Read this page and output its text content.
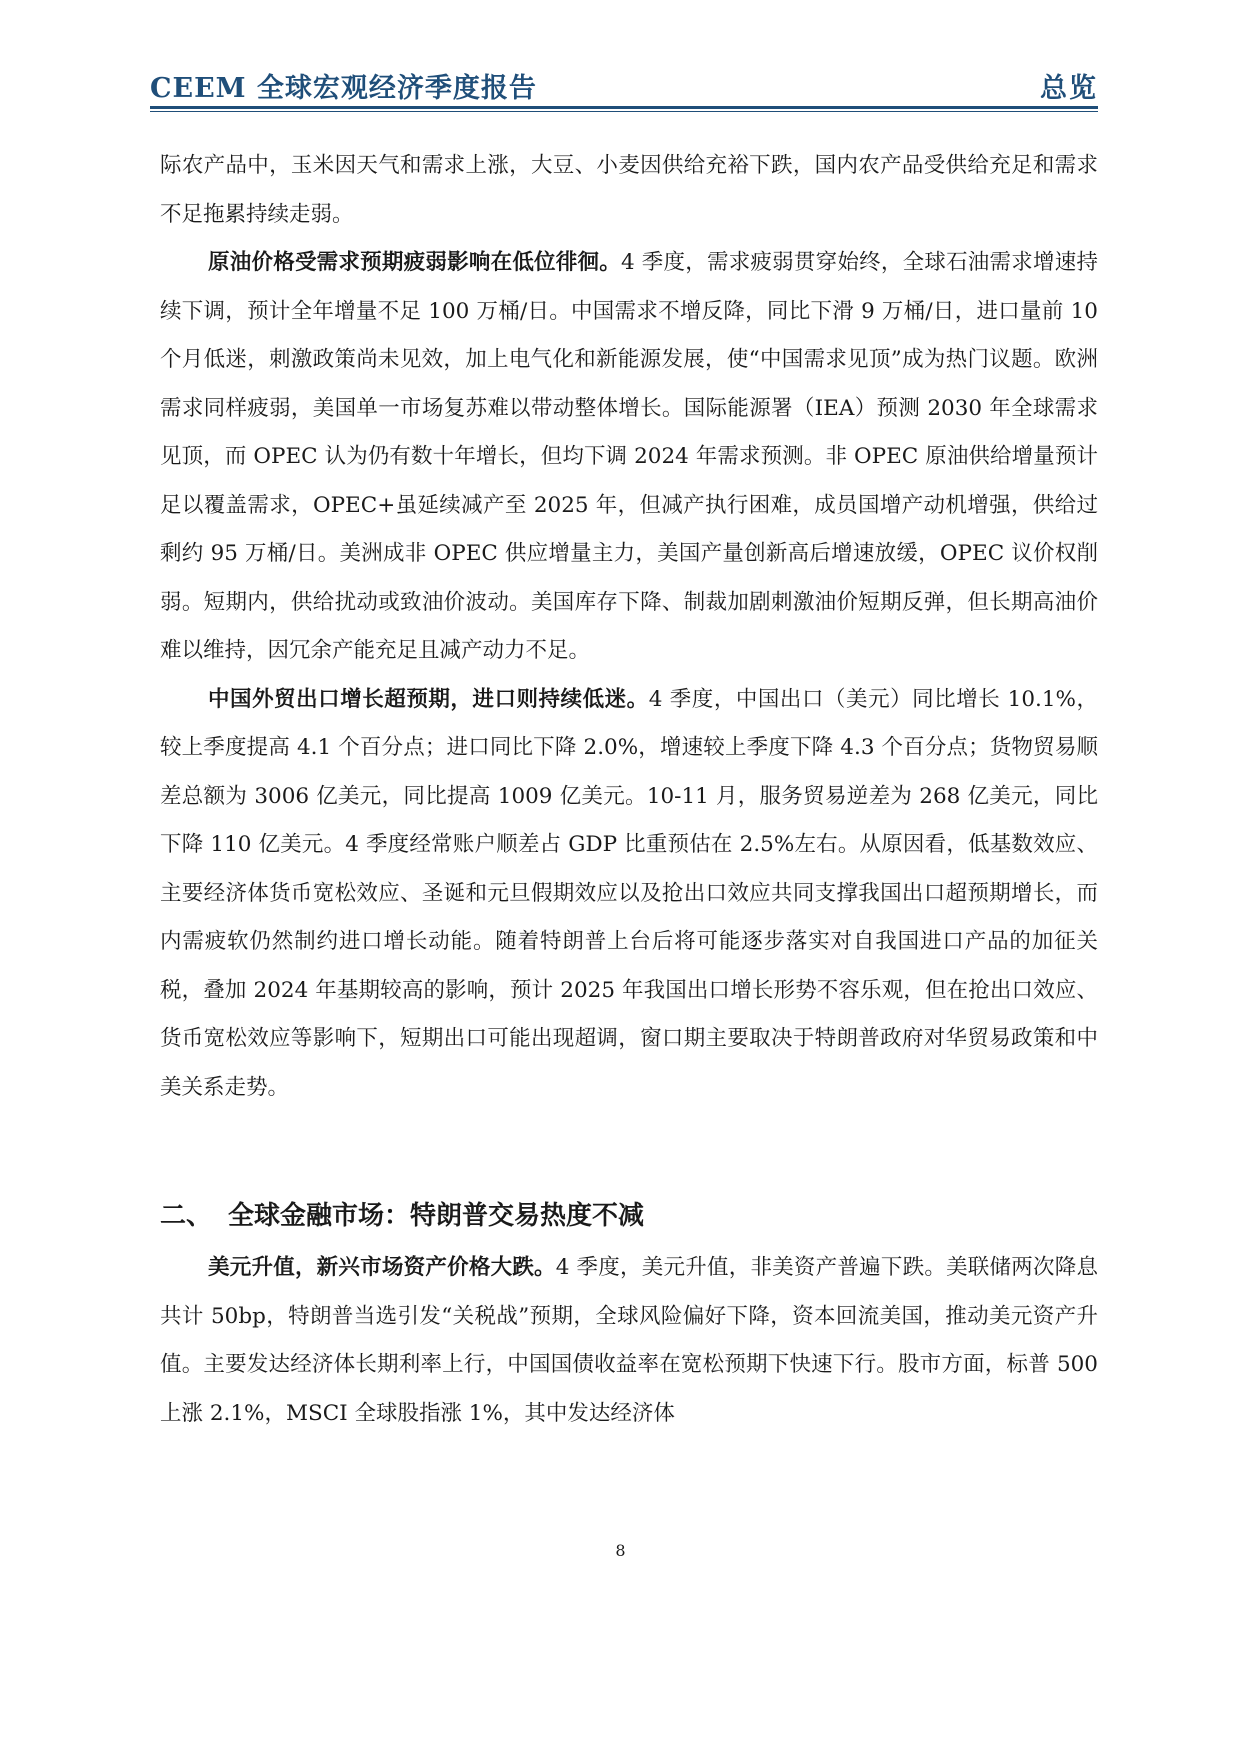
CEEM 全球宏观经济季度报告	总览

际农产品中，玉米因天气和需求上涨，大豆、小麦因供给充裕下跌，国内农产品受供给充足和需求不足拖累持续走弱。

原油价格受需求预期疲弱影响在低位徘徊。4 季度，需求疲弱贯穿始终，全球石油需求增速持续下调，预计全年增量不足 100 万桶/日。中国需求不增反降，同比下滑 9 万桶/日，进口量前 10 个月低迷，刺激政策尚未见效，加上电气化和新能源发展，使“中国需求见顶”成为热门议题。欧洲需求同样疲弱，美国单一市场复苏难以带动整体增长。国际能源署（IEA）预测 2030 年全球需求见顶，而 OPEC 认为仍有数十年增长，但均下调 2024 年需求预测。非 OPEC 原油供给增量预计足以覆盖需求，OPEC+虽延续减产至 2025 年，但减产执行困难，成员国增产动机增强，供给过剩约 95 万桶/日。美洲成非 OPEC 供应增量主力，美国产量创新高后增速放缓，OPEC 议价权削弱。短期内，供给扰动或致油价波动。美国库存下降、制裁加剧刺激油价短期反弹，但长期高油价难以维持，因冗余产能充足且减产动力不足。

中国外贸出口增长超预期，进口则持续低迷。4 季度，中国出口（美元）同比增长 10.1%，较上季度提高 4.1 个百分点；进口同比下降 2.0%，增速较上季度下降 4.3 个百分点；货物贸易顺差总额为 3006 亿美元，同比提高 1009 亿美元。10-11 月，服务贸易逆差为 268 亿美元，同比下降 110 亿美元。4 季度经常账户顺差占 GDP 比重预估在 2.5%左右。从原因看，低基数效应、主要经济体货币宽松效应、圣诞和元旦假期效应以及抢出口效应共同支撑我国出口超预期增长，而内需疲软仍然制约进口增长动能。随着特朗普上台后将可能逐步落实对自我国进口产品的加征关税，叠加 2024 年基期较高的影响，预计 2025 年我国出口增长形势不容乐观，但在抢出口效应、货币宽松效应等影响下，短期出口可能出现超调，窗口期主要取决于特朗普政府对华贸易政策和中美关系走势。

二、 全球金融市场：特朗普交易热度不减

美元升值，新兴市场资产价格大跌。4 季度，美元升值，非美资产普遍下跌。美联储两次降息共计 50bp，特朗普当选引发“关税战”预期，全球风险偏好下降，资本回流美国，推动美元资产升值。主要发达经济体长期利率上行，中国国债收益率在宽松预期下快速下行。股市方面，标普 500 上涨 2.1%，MSCI 全球股指涨 1%，其中发达经济体

8
